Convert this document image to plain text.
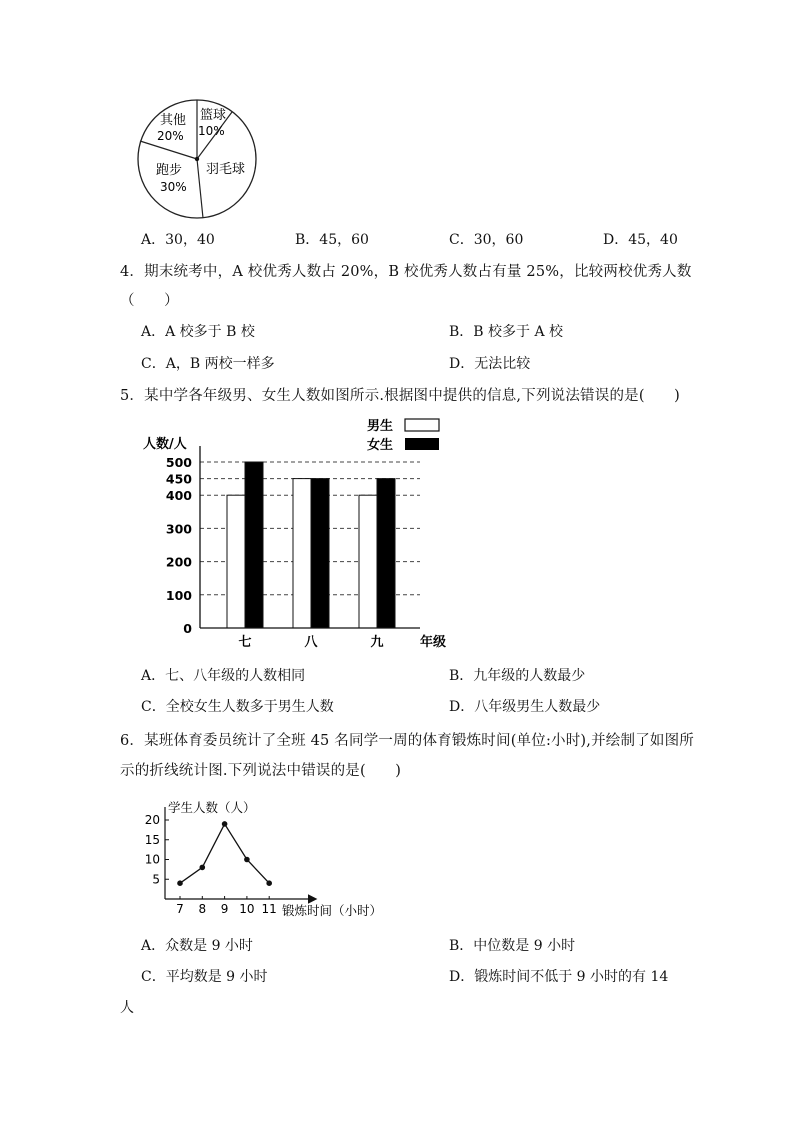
其他
20%
篮球
10%
羽毛球
跑步
30%
A．30，40	B．45，60	C．30，60	D．45，40
4．期末统考中，A 校优秀人数占 20%，B 校优秀人数占有量 25%，比较两校优秀人数
（　　）
A．A 校多于 B 校	B．B 校多于 A 校
C．A，B 两校一样多	D．无法比较
5．某中学各年级男、女生人数如图所示.根据图中提供的信息,下列说法错误的是(　　)
人数/人
年级
男生
女生
0
100
200
300
400
450
500
七	八	九
A．七、八年级的人数相同	B．九年级的人数最少
C．全校女生人数多于男生人数	D．八年级男生人数最少
6．某班体育委员统计了全班 45 名同学一周的体育锻炼时间(单位:小时),并绘制了如图所
示的折线统计图.下列说法中错误的是(　　)
学生人数（人）
锻炼时间（小时）
5
10
15
20
7 8 9 10 11
A．众数是 9 小时	B．中位数是 9 小时
C．平均数是 9 小时	D．锻炼时间不低于 9 小时的有 14
人
